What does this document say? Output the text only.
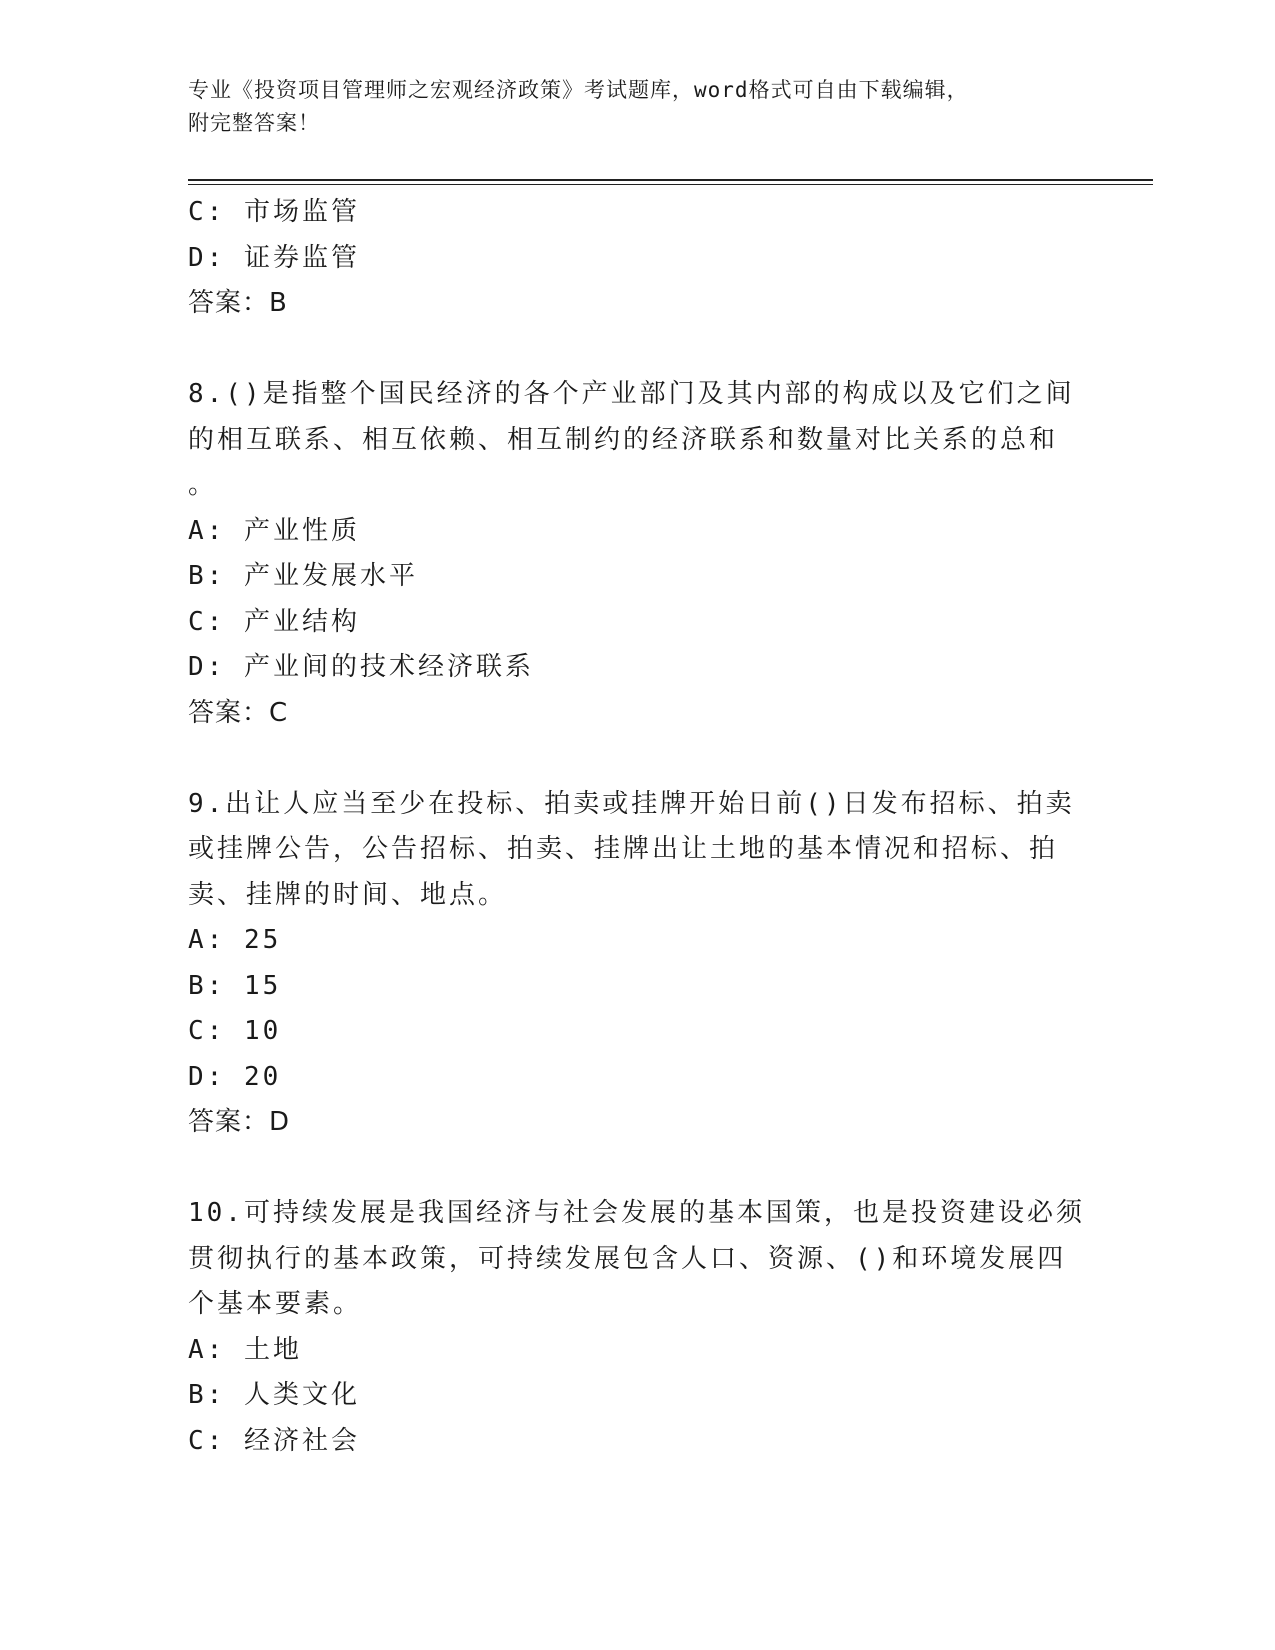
专业《投资项目管理师之宏观经济政策》考试题库，word格式可自由下载编辑，
附完整答案！
C: 市场监管
D: 证券监管
答案：B
8.()是指整个国民经济的各个产业部门及其内部的构成以及它们之间
的相互联系、相互依赖、相互制约的经济联系和数量对比关系的总和
。
A: 产业性质
B: 产业发展水平
C: 产业结构
D: 产业间的技术经济联系
答案：C
9.出让人应当至少在投标、拍卖或挂牌开始日前()日发布招标、拍卖
或挂牌公告，公告招标、拍卖、挂牌出让土地的基本情况和招标、拍
卖、挂牌的时间、地点。
A: 25
B: 15
C: 10
D: 20
答案：D
10.可持续发展是我国经济与社会发展的基本国策，也是投资建设必须
贯彻执行的基本政策，可持续发展包含人口、资源、()和环境发展四
个基本要素。
A: 土地
B: 人类文化
C: 经济社会
